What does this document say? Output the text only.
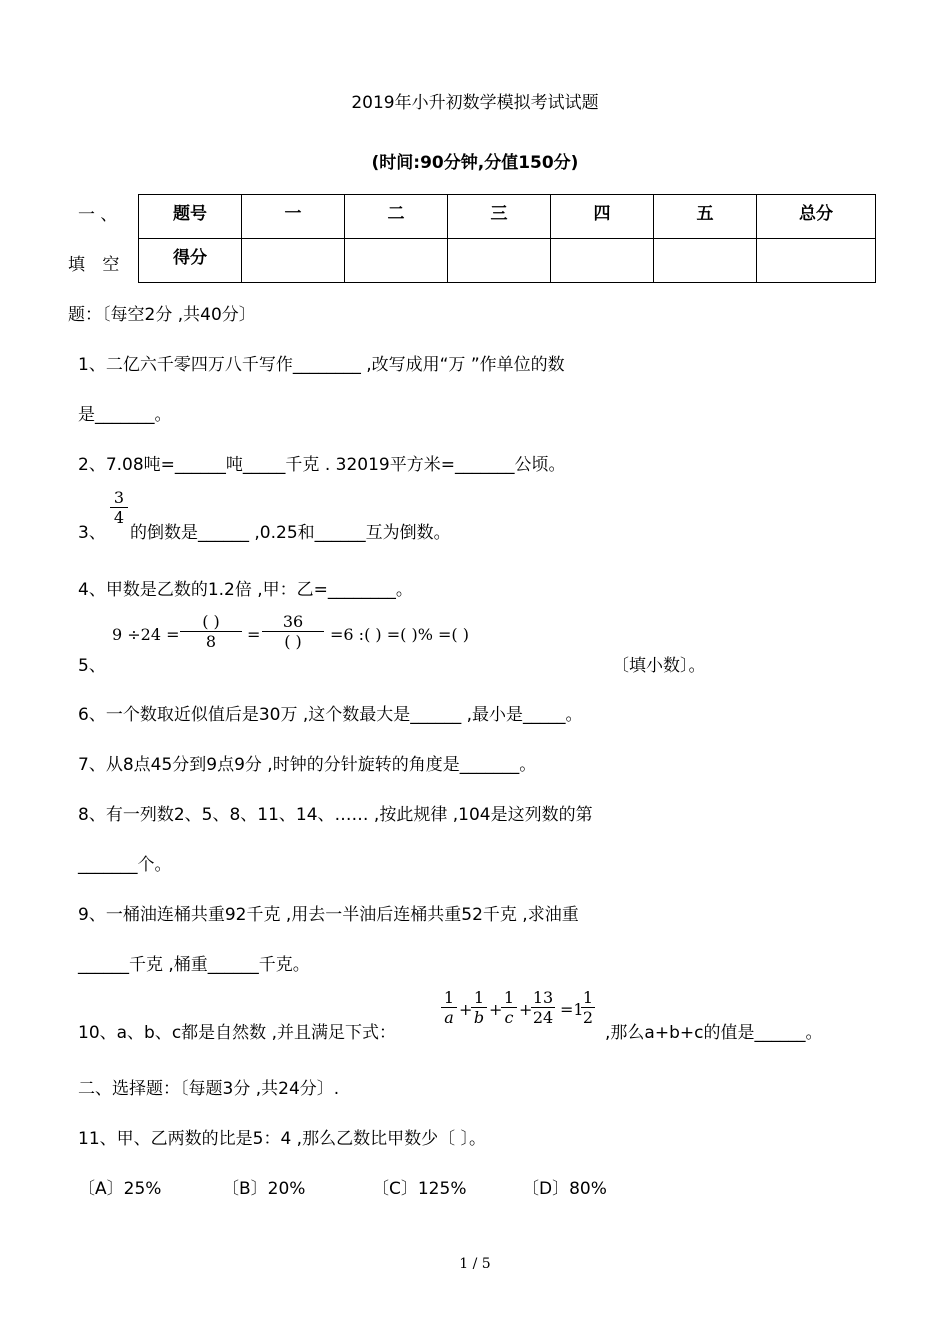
2019年小升初数学模拟考试试题
(时间:90分钟,分值150分)
一 、
填 空
题号	一	二	三	四	五	总分
得分						
题：〔每空2分 ,共40分〕
1、二亿六千零四万八千写作________ ,改写成用“万 ”作单位的数
是_______。
2、7.08吨=______吨_____千克 . 32019平方米=_______公顷。
$\frac{3}{4}$
3、 的倒数是______ ,0.25和______互为倒数。
4、甲数是乙数的1.2倍 ,甲：乙=________。
9 ÷24 =
( )
8	=
36
( )	=6 :( ) =( )% =( )
5、	〔填小数〕。
6、一个数取近似值后是30万 ,这个数最大是______ ,最小是_____。
7、从8点45分到9点9分 ,时钟的分针旋转的角度是_______。
8、有一列数2、5、8、11、14、…… ,按此规律 ,104是这列数的第
_______个。
9、一桶油连桶共重92千克 ,用去一半油后连桶共重52千克 ,求油重
______千克 ,桶重______千克。
10、a、b、c都是自然数 ,并且满足下式：
$\frac{1}{a}$ +
$\frac{1}{b}$ +
$\frac{1}{c}$ +
$\frac{13}{24} =1$
$\frac{1}{2}$
,那么a+b+c的值是______。
二、选择题：〔每题3分 ,共24分〕.
11、甲、乙两数的比是5：4 ,那么乙数比甲数少〔 〕。
〔A〕25%	〔B〕20%	〔C〕125%	〔D〕80%
1 / 5
